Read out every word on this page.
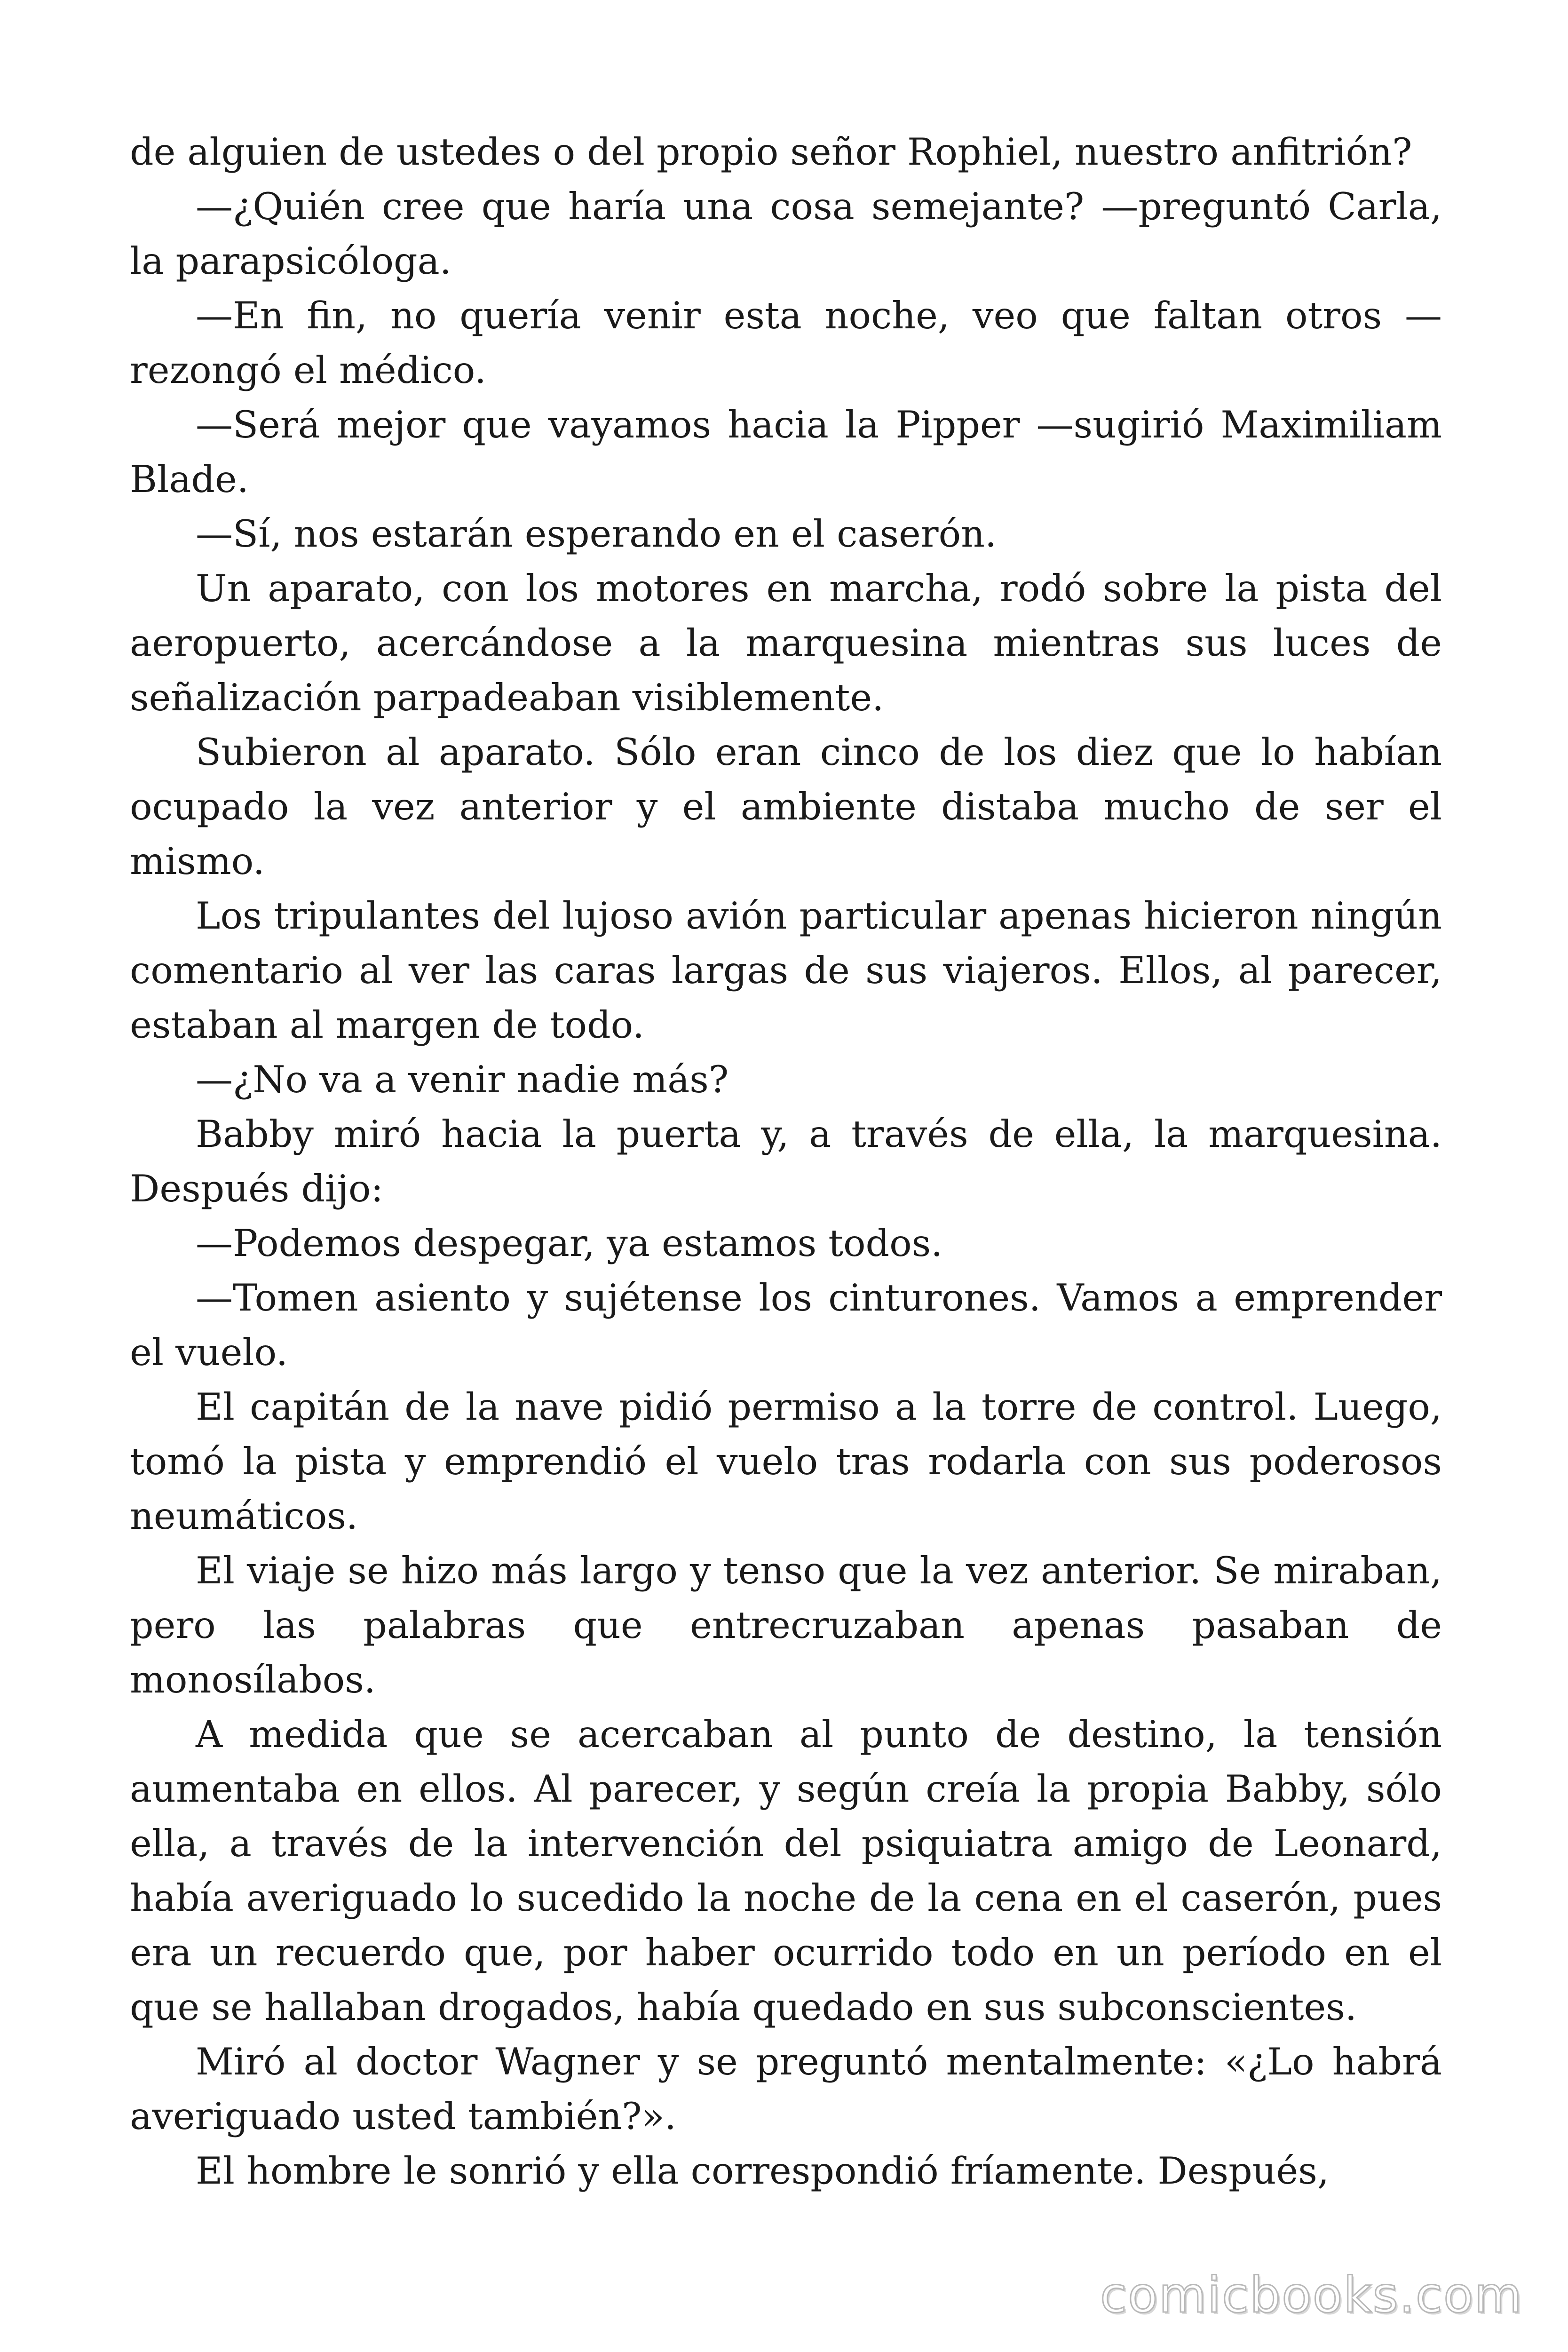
de alguien de ustedes o del propio señor Rophiel, nuestro anfitrión?

—¿Quién cree que haría una cosa semejante? —preguntó Carla, la parapsicóloga.

—En fin, no quería venir esta noche, veo que faltan otros —rezongó el médico.

—Será mejor que vayamos hacia la Pipper —sugirió Maximiliam Blade.

—Sí, nos estarán esperando en el caserón.

Un aparato, con los motores en marcha, rodó sobre la pista del aeropuerto, acercándose a la marquesina mientras sus luces de señalización parpadeaban visiblemente.

Subieron al aparato. Sólo eran cinco de los diez que lo habían ocupado la vez anterior y el ambiente distaba mucho de ser el mismo.

Los tripulantes del lujoso avión particular apenas hicieron ningún comentario al ver las caras largas de sus viajeros. Ellos, al parecer, estaban al margen de todo.

—¿No va a venir nadie más?

Babby miró hacia la puerta y, a través de ella, la marquesina. Después dijo:

—Podemos despegar, ya estamos todos.

—Tomen asiento y sujétense los cinturones. Vamos a emprender el vuelo.

El capitán de la nave pidió permiso a la torre de control. Luego, tomó la pista y emprendió el vuelo tras rodarla con sus poderosos neumáticos.

El viaje se hizo más largo y tenso que la vez anterior. Se miraban, pero las palabras que entrecruzaban apenas pasaban de monosílabos.

A medida que se acercaban al punto de destino, la tensión aumentaba en ellos. Al parecer, y según creía la propia Babby, sólo ella, a través de la intervención del psiquiatra amigo de Leonard, había averiguado lo sucedido la noche de la cena en el caserón, pues era un recuerdo que, por haber ocurrido todo en un período en el que se hallaban drogados, había quedado en sus subconscientes.

Miró al doctor Wagner y se preguntó mentalmente: «¿Lo habrá averiguado usted también?».

El hombre le sonrió y ella correspondió fríamente. Después,

comicbooks.com
